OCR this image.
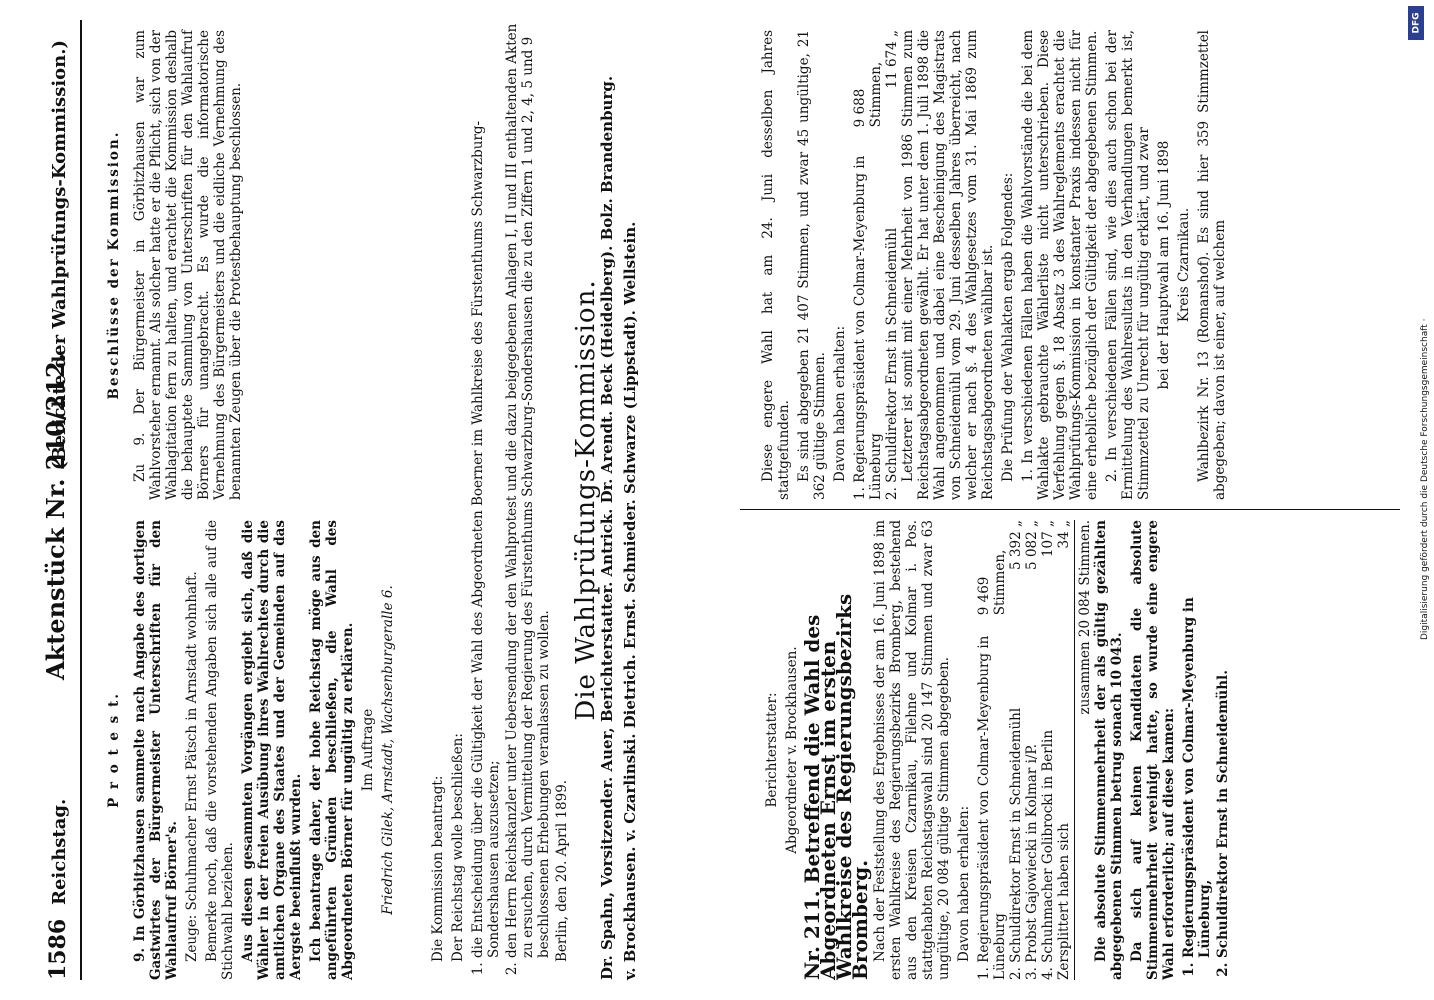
1586
Reichstag.
Aktenstück Nr. 210/212.
(Berichte der Wahlprüfungs-Kommission.)
P r o t e s t. 9. In Görbitzhausen sammelte nach Angabe des dortigen Gastwirtes der Bürgermeister Unterschriften für den Wahlaufruf Börner's. Zeuge: Schuhmacher Ernst Pätsch in Arnstadt wohnhaft. Bemerke noch, daß die vorstehenden Angaben sich alle auf die Stichwahl beziehen. Aus diesen gesammten Vorgängen ergiebt sich, daß die Wähler in der freien Ausübung ihres Wahlrechtes durch die amtlichen Organe des Staates und der Gemeinden auf das Aergste beeinflußt wurden. Ich beantrage daher, der hohe Reichstag möge aus den angeführten Gründen beschließen, die Wahl des Abgeordneten Börner für ungültig zu erklären. Im Auftrage Friedrich Gilek, Arnstadt, Wachsenburgeralle 6.
Beschlüsse der Kommission. Zu 9. Der Bürgermeister in Görbitzhausen war zum Wahlvorsteher ernannt. Als solcher hatte er die Pflicht, sich von der Wahlagitation fern zu halten, und erachtet die Kommission deshalb die behauptete Sammlung von Unterschriften für den Wahlaufruf Börners für unangebracht. Es wurde die informatorische Vernehmung des Bürgermeisters und die eidliche Vernehmung des benannten Zeugen über die Protestbehauptung beschlossen.

Die Kommission beantragt: Der Reichstag wolle beschließen: 1. die Entscheidung über die Gültigkeit der Wahl des Abgeordneten Boerner im Wahlkreise des Fürstenthums Schwarzburg-Sondershausen auszusetzen; 2. den Herrn Reichskanzler unter Uebersendung der den Wahlprotest und die dazu beigegebenen Anlagen I, II und III enthaltenden Akten zu ersuchen, durch Vermittelung der Regierung des Fürstenthums Schwarzburg-Sondershausen die zu den Ziffern 1 und 2, 4, 5 und 9 beschlossenen Erhebungen veranlassen zu wollen. Berlin, den 20. April 1899.

Die Wahlprüfungs-Kommission.
Dr. Spahn, Vorsitzender. Auer, Berichterstatter. Antrick. Dr. Arendt. Beck (Heidelberg). Bolz. Brandenburg. v. Brockhausen. v. Czarlinski. Dietrich. Ernst. Schmieder. Schwarze (Lippstadt). Wellstein.	Berichterstatter: Abgeordneter v. Brockhausen. Nr. 211. Betreffend die Wahl des Abgeordneten Ernst im ersten Wahlkreise des Regierungsbezirks Bromberg. Nach der Feststellung des Ergebnisses der am 16. Juni 1898 im ersten Wahlkreise des Regierungsbezirks Bromberg, bestehend aus den Kreisen Czarnikau, Filehne und Kolmar i. Pos. stattgehabten Reichstagswahl sind 20 147 Stimmen und zwar 63 ungültige, 20 084 gültige Stimmen abgegeben. Davon haben erhalten:

1. Regierungspräsident von Colmar-Meyenburg in Lüneburg
9 469 Stimmen,
2. Schuldirektor Ernst in Schneidemühl
5 392 „
3. Probst Gajowiecki in Kolmar i/P.
5 082 „
4. Schuhmacher Golibrocki in Berlin
107 „
Zersplittert haben sich
34 „ zusammen 20 084 Stimmen. Die absolute Stimmenmehrheit der als gültig gezählten abgegebenen Stimmen betrug sonach 10 043. Da sich auf keinen Kandidaten die absolute Stimmenmehrheit vereinigt hatte, so wurde eine engere Wahl erforderlich; auf diese kamen: 1. Regierungspräsident von Colmar-Meyenburg in Lüneburg, 2. Schuldirektor Ernst in Schneidemühl.

Diese engere Wahl hat am 24. Juni desselben Jahres stattgefunden. Es sind abgegeben 21 407 Stimmen, und zwar 45 ungültige, 21 362 gültige Stimmen. Davon haben erhalten:

1. Regierungspräsident von Colmar-Meyenburg in Lüneburg
9 688 Stimmen,
2. Schuldirektor Ernst in Schneidemühl
11 674 „ Letzterer ist somit mit einer Mehrheit von 1986 Stimmen zum Reichstagsabgeordneten gewählt. Er hat unter dem 1. Juli 1898 die Wahl angenommen und dabei eine Bescheinigung des Magistrats von Schneidemühl vom 29. Juni desselben Jahres überreicht, nach welcher er nach §. 4 des Wahlgesetzes vom 31. Mai 1869 zum Reichstagsabgeordneten wählbar ist. Die Prüfung der Wahlakten ergab Folgendes: 1. In verschiedenen Fällen haben die Wahlvorstände die bei dem Wahlakte gebrauchte Wählerliste nicht unterschrieben. Diese Verfehlung gegen §. 18 Absatz 3 des Wahlreglements erachtet die Wahlprüfungs-Kommission in konstanter Praxis indessen nicht für eine erhebliche bezüglich der Gültigkeit der abgegebenen Stimmen. 2. In verschiedenen Fällen sind, wie dies auch schon bei der Ermittelung des Wahlresultats in den Verhandlungen bemerkt ist, Stimmzettel zu Unrecht für ungültig erklärt, und zwar bei der Hauptwahl am 16. Juni 1898 Kreis Czarnikau. Wahlbezirk Nr. 13 (Romanshof). Es sind hier 359 Stimmzettel abgegeben; davon ist einer, auf welchem

DFG
Digitalisierung gefördert durch die Deutsche Forschungsgemeinschaft ·
